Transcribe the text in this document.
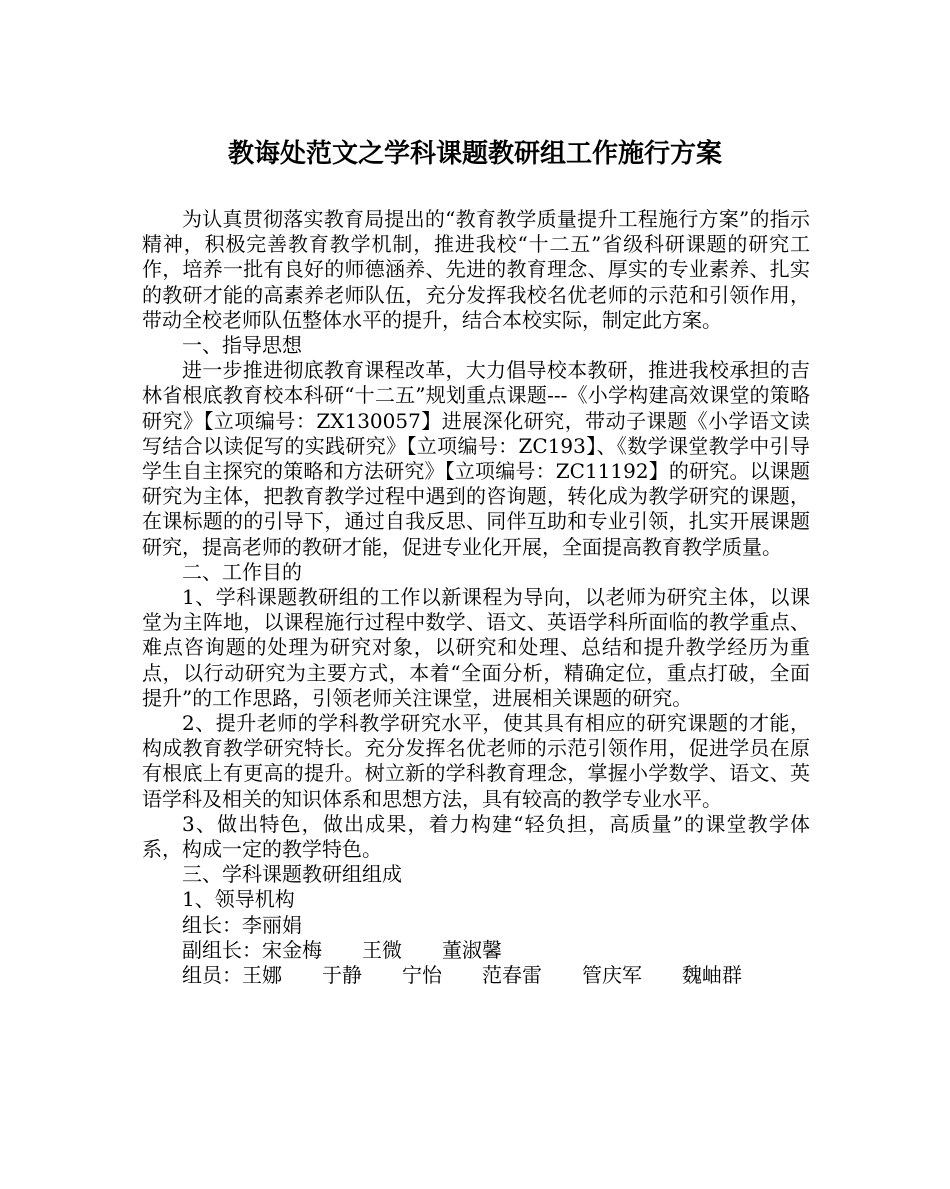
教诲处范文之学科课题教研组工作施行方案

为认真贯彻落实教育局提出的“教育教学质量提升工程施行方案”的指示精神，积极完善教育教学机制，推进我校“十二五”省级科研课题的研究工作，培养一批有良好的师德涵养、先进的教育理念、厚实的专业素养、扎实的教研才能的高素养老师队伍，充分发挥我校名优老师的示范和引领作用，带动全校老师队伍整体水平的提升，结合本校实际，制定此方案。

一、指导思想

进一步推进彻底教育课程改革，大力倡导校本教研，推进我校承担的吉林省根底教育校本科研“十二五”规划重点课题---《小学构建高效课堂的策略研究》【立项编号：ZX130057】进展深化研究，带动子课题《小学语文读写结合以读促写的实践研究》【立项编号：ZC193】、《数学课堂教学中引导学生自主探究的策略和方法研究》【立项编号：ZC11192】的研究。以课题研究为主体，把教育教学过程中遇到的咨询题，转化成为教学研究的课题，在课标题的的引导下，通过自我反思、同伴互助和专业引领，扎实开展课题研究，提高老师的教研才能，促进专业化开展，全面提高教育教学质量。

二、工作目的

1、学科课题教研组的工作以新课程为导向，以老师为研究主体，以课堂为主阵地，以课程施行过程中数学、语文、英语学科所面临的教学重点、难点咨询题的处理为研究对象，以研究和处理、总结和提升教学经历为重点，以行动研究为主要方式，本着“全面分析，精确定位，重点打破，全面提升”的工作思路，引领老师关注课堂，进展相关课题的研究。

2、提升老师的学科教学研究水平，使其具有相应的研究课题的才能，构成教育教学研究特长。充分发挥名优老师的示范引领作用，促进学员在原有根底上有更高的提升。树立新的学科教育理念，掌握小学数学、语文、英语学科及相关的知识体系和思想方法，具有较高的教学专业水平。

3、做出特色，做出成果，着力构建“轻负担，高质量”的课堂教学体系，构成一定的教学特色。

三、学科课题教研组组成

1、领导机构

组长：李丽娟

副组长：宋金梅　　王微　　董淑馨

组员：王娜　　于静　　宁怡　　范春雷　　管庆军　　魏岫群
